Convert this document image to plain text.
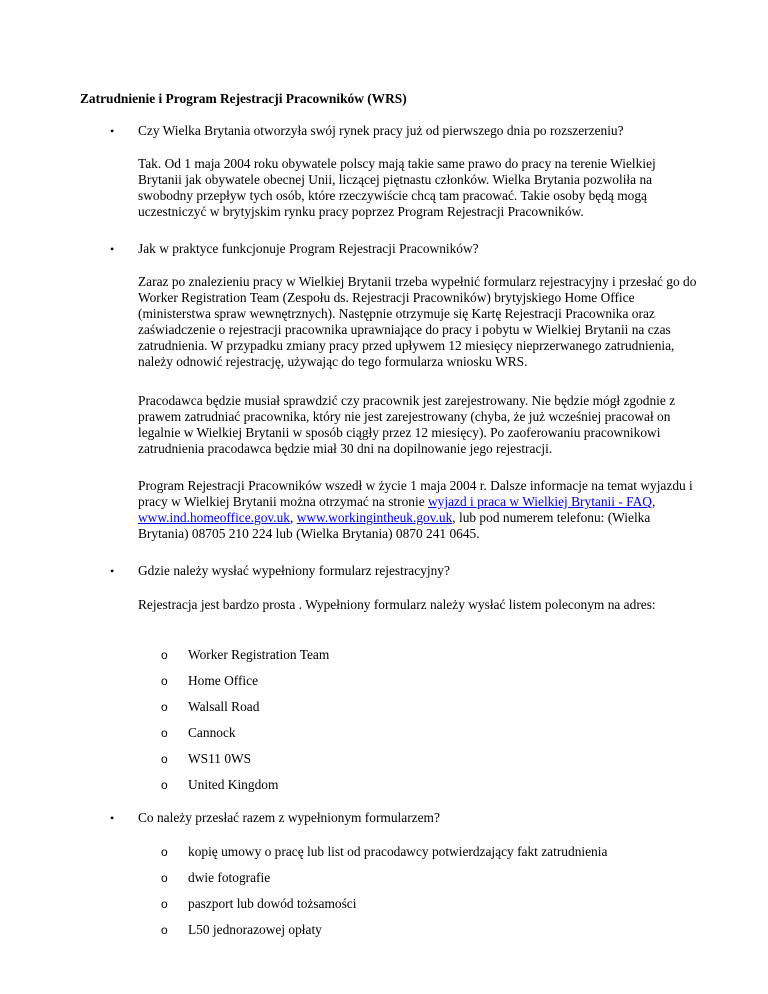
Zatrudnienie i Program Rejestracji Pracowników (WRS)
• Czy Wielka Brytania otworzyła swój rynek pracy już od pierwszego dnia po rozszerzeniu?
Tak. Od 1 maja 2004 roku obywatele polscy mają takie same prawo do pracy na terenie Wielkiej Brytanii jak obywatele obecnej Unii, liczącej piętnastu członków. Wielka Brytania pozwoliła na swobodny przepływ tych osób, które rzeczywiście chcą tam pracować. Takie osoby będą mogą uczestniczyć w brytyjskim rynku pracy poprzez Program Rejestracji Pracowników.
• Jak w praktyce funkcjonuje Program Rejestracji Pracowników?
Zaraz po znalezieniu pracy w Wielkiej Brytanii trzeba wypełnić formularz rejestracyjny i przesłać go do Worker Registration Team (Zespołu ds. Rejestracji Pracowników) brytyjskiego Home Office (ministerstwa spraw wewnętrznych). Następnie otrzymuje się Kartę Rejestracji Pracownika oraz zaświadczenie o rejestracji pracownika uprawniające do pracy i pobytu w Wielkiej Brytanii na czas zatrudnienia. W przypadku zmiany pracy przed upływem 12 miesięcy nieprzerwanego zatrudnienia, należy odnowić rejestrację, używając do tego formularza wniosku WRS.
Pracodawca będzie musiał sprawdzić czy pracownik jest zarejestrowany. Nie będzie mógł zgodnie z prawem zatrudniać pracownika, który nie jest zarejestrowany (chyba, że już wcześniej pracował on legalnie w Wielkiej Brytanii w sposób ciągły przez 12 miesięcy). Po zaoferowaniu pracownikowi zatrudnienia pracodawca będzie miał 30 dni na dopilnowanie jego rejestracji.
Program Rejestracji Pracowników wszedł w życie 1 maja 2004 r. Dalsze informacje na temat wyjazdu i pracy w Wielkiej Brytanii można otrzymać na stronie wyjazd i praca w Wielkiej Brytanii - FAQ, www.ind.homeoffice.gov.uk, www.workingintheuk.gov.uk, lub pod numerem telefonu: (Wielka Brytania) 08705 210 224 lub (Wielka Brytania) 0870 241 0645.
• Gdzie należy wysłać wypełniony formularz rejestracyjny?
Rejestracja jest bardzo prosta . Wypełniony formularz należy wysłać listem poleconym na adres:
o Worker Registration Team
o Home Office
o Walsall Road
o Cannock
o WS11 0WS
o United Kingdom
• Co należy przesłać razem z wypełnionym formularzem?
o kopię umowy o pracę lub list od pracodawcy potwierdzający fakt zatrudnienia
o dwie fotografie
o paszport lub dowód tożsamości
o L50 jednorazowej opłaty
